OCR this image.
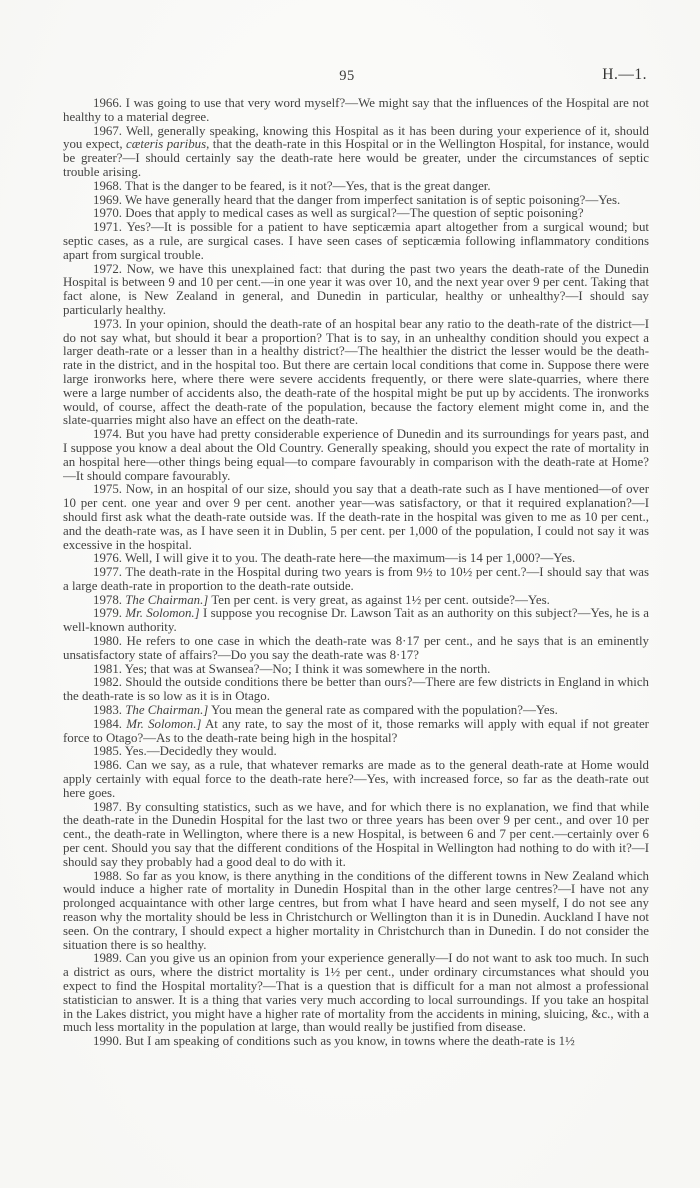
95	H.—1.

1966. I was going to use that very word myself?—We might say that the influences of the Hospital are not healthy to a material degree.

1967. Well, generally speaking, knowing this Hospital as it has been during your experience of it, should you expect, cæteris paribus, that the death-rate in this Hospital or in the Wellington Hospital, for instance, would be greater?—I should certainly say the death-rate here would be greater, under the circumstances of septic trouble arising.

1968. That is the danger to be feared, is it not?—Yes, that is the great danger.

1969. We have generally heard that the danger from imperfect sanitation is of septic poisoning?—Yes.

1970. Does that apply to medical cases as well as surgical?—The question of septic poisoning?

1971. Yes?—It is possible for a patient to have septicæmia apart altogether from a surgical wound; but septic cases, as a rule, are surgical cases. I have seen cases of septicæmia following inflammatory conditions apart from surgical trouble.

1972. Now, we have this unexplained fact: that during the past two years the death-rate of the Dunedin Hospital is between 9 and 10 per cent.—in one year it was over 10, and the next year over 9 per cent. Taking that fact alone, is New Zealand in general, and Dunedin in particular, healthy or unhealthy?—I should say particularly healthy.

1973. In your opinion, should the death-rate of an hospital bear any ratio to the death-rate of the district—I do not say what, but should it bear a proportion? That is to say, in an unhealthy condition should you expect a larger death-rate or a lesser than in a healthy district?—The healthier the district the lesser would be the death-rate in the district, and in the hospital too. But there are certain local conditions that come in. Suppose there were large ironworks here, where there were severe accidents frequently, or there were slate-quarries, where there were a large number of accidents also, the death-rate of the hospital might be put up by accidents. The ironworks would, of course, affect the death-rate of the population, because the factory element might come in, and the slate-quarries might also have an effect on the death-rate.

1974. But you have had pretty considerable experience of Dunedin and its surroundings for years past, and I suppose you know a deal about the Old Country. Generally speaking, should you expect the rate of mortality in an hospital here—other things being equal—to compare favourably in comparison with the death-rate at Home?—It should compare favourably.

1975. Now, in an hospital of our size, should you say that a death-rate such as I have mentioned—of over 10 per cent. one year and over 9 per cent. another year—was satisfactory, or that it required explanation?—I should first ask what the death-rate outside was. If the death-rate in the hospital was given to me as 10 per cent., and the death-rate was, as I have seen it in Dublin, 5 per cent. per 1,000 of the population, I could not say it was excessive in the hospital.

1976. Well, I will give it to you. The death-rate here—the maximum—is 14 per 1,000?—Yes.

1977. The death-rate in the Hospital during two years is from 9½ to 10½ per cent.?—I should say that was a large death-rate in proportion to the death-rate outside.

1978. The Chairman.] Ten per cent. is very great, as against 1½ per cent. outside?—Yes.

1979. Mr. Solomon.] I suppose you recognise Dr. Lawson Tait as an authority on this subject?—Yes, he is a well-known authority.

1980. He refers to one case in which the death-rate was 8·17 per cent., and he says that is an eminently unsatisfactory state of affairs?—Do you say the death-rate was 8·17?

1981. Yes; that was at Swansea?—No; I think it was somewhere in the north.

1982. Should the outside conditions there be better than ours?—There are few districts in England in which the death-rate is so low as it is in Otago.

1983. The Chairman.] You mean the general rate as compared with the population?—Yes.

1984. Mr. Solomon.] At any rate, to say the most of it, those remarks will apply with equal if not greater force to Otago?—As to the death-rate being high in the hospital?

1985. Yes.—Decidedly they would.

1986. Can we say, as a rule, that whatever remarks are made as to the general death-rate at Home would apply certainly with equal force to the death-rate here?—Yes, with increased force, so far as the death-rate out here goes.

1987. By consulting statistics, such as we have, and for which there is no explanation, we find that while the death-rate in the Dunedin Hospital for the last two or three years has been over 9 per cent., and over 10 per cent., the death-rate in Wellington, where there is a new Hospital, is between 6 and 7 per cent.—certainly over 6 per cent. Should you say that the different conditions of the Hospital in Wellington had nothing to do with it?—I should say they probably had a good deal to do with it.

1988. So far as you know, is there anything in the conditions of the different towns in New Zealand which would induce a higher rate of mortality in Dunedin Hospital than in the other large centres?—I have not any prolonged acquaintance with other large centres, but from what I have heard and seen myself, I do not see any reason why the mortality should be less in Christchurch or Wellington than it is in Dunedin. Auckland I have not seen. On the contrary, I should expect a higher mortality in Christchurch than in Dunedin. I do not consider the situation there is so healthy.

1989. Can you give us an opinion from your experience generally—I do not want to ask too much. In such a district as ours, where the district mortality is 1½ per cent., under ordinary circumstances what should you expect to find the Hospital mortality?—That is a question that is difficult for a man not almost a professional statistician to answer. It is a thing that varies very much according to local surroundings. If you take an hospital in the Lakes district, you might have a higher rate of mortality from the accidents in mining, sluicing, &c., with a much less mortality in the population at large, than would really be justified from disease.

1990. But I am speaking of conditions such as you know, in towns where the death-rate is 1½
